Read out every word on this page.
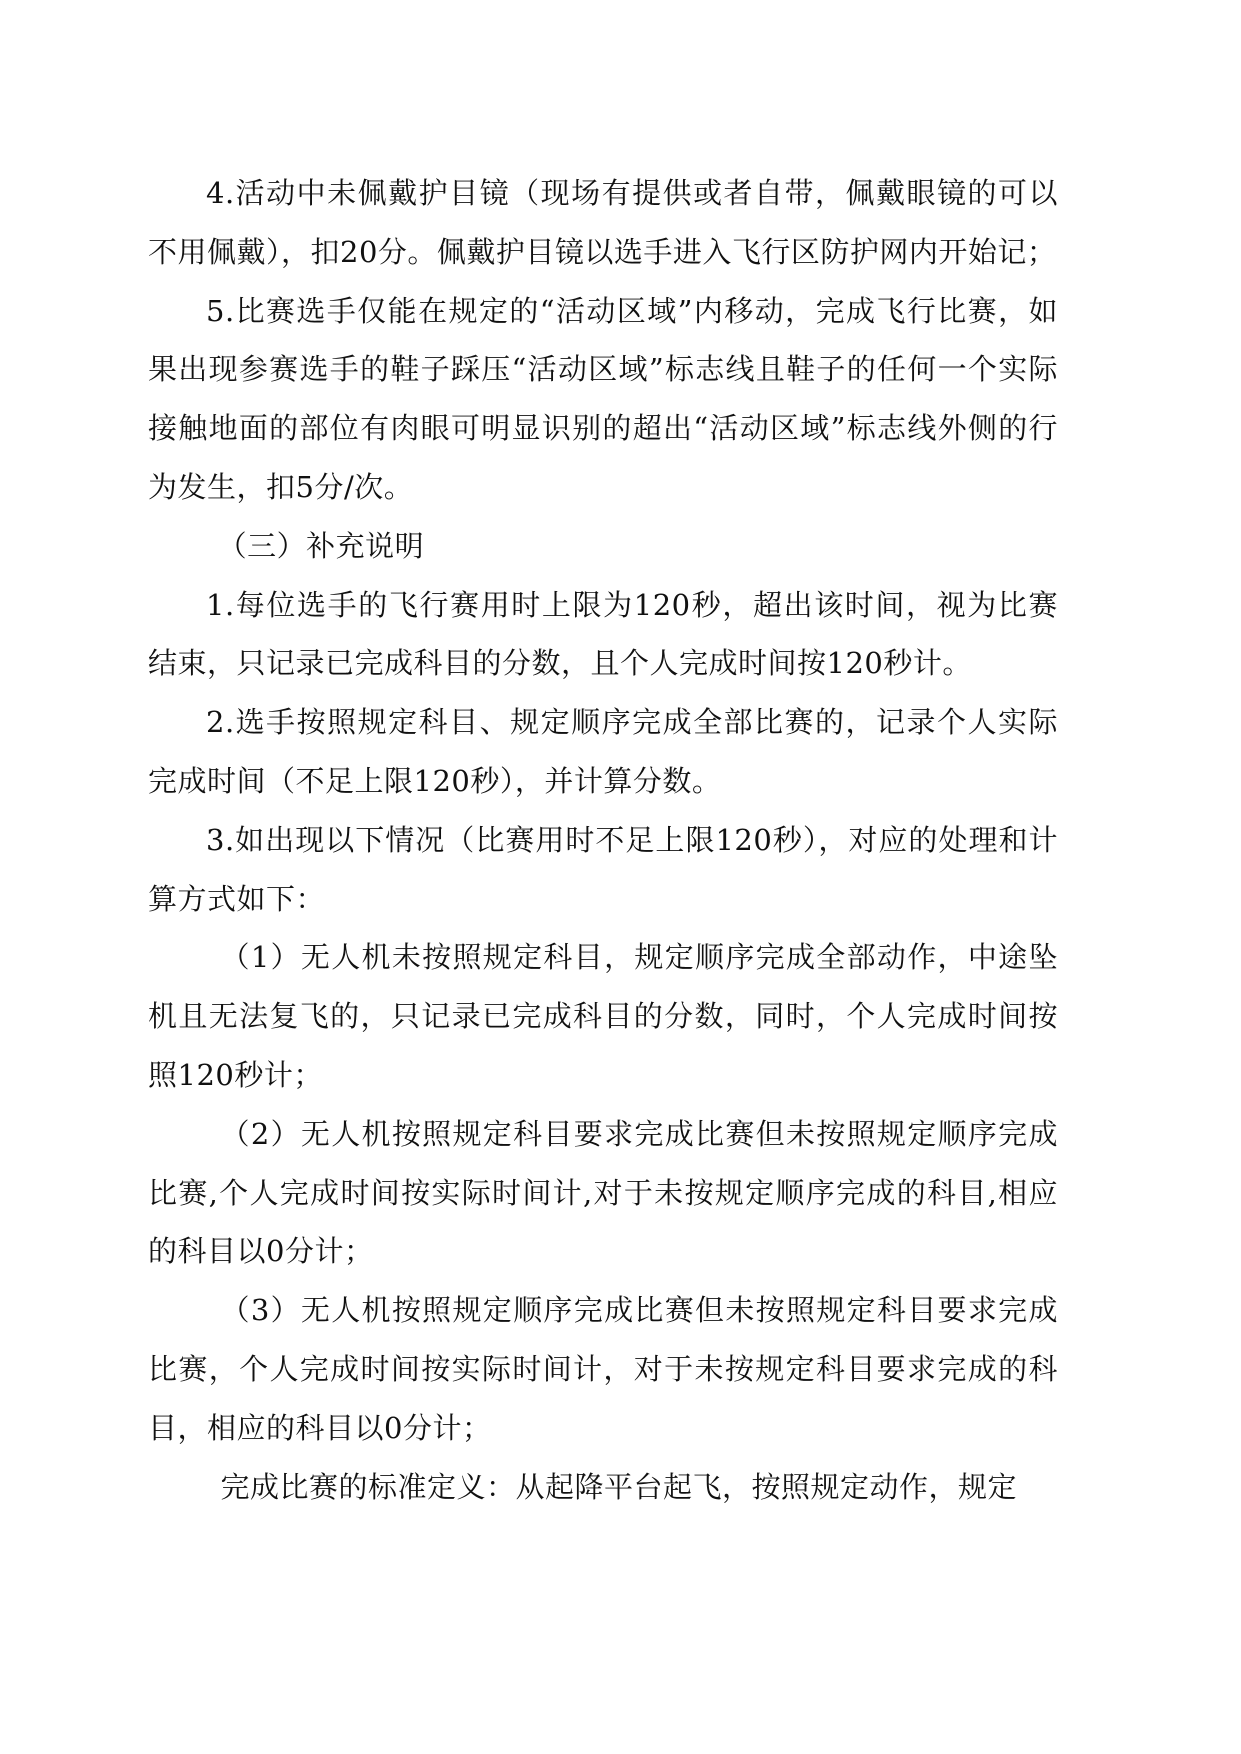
4.活动中未佩戴护目镜（现场有提供或者自带，佩戴眼镜的可以不用佩戴），扣20分。佩戴护目镜以选手进入飞行区防护网内开始记；

5.比赛选手仅能在规定的“活动区域”内移动，完成飞行比赛，如果出现参赛选手的鞋子踩压“活动区域”标志线且鞋子的任何一个实际接触地面的部位有肉眼可明显识别的超出“活动区域”标志线外侧的行为发生，扣5分/次。

（三）补充说明

1.每位选手的飞行赛用时上限为120秒，超出该时间，视为比赛结束，只记录已完成科目的分数，且个人完成时间按120秒计。

2.选手按照规定科目、规定顺序完成全部比赛的，记录个人实际完成时间（不足上限120秒），并计算分数。

3.如出现以下情况（比赛用时不足上限120秒），对应的处理和计算方式如下：

（1）无人机未按照规定科目，规定顺序完成全部动作，中途坠机且无法复飞的，只记录已完成科目的分数，同时，个人完成时间按照120秒计；

（2）无人机按照规定科目要求完成比赛但未按照规定顺序完成比赛,个人完成时间按实际时间计,对于未按规定顺序完成的科目,相应的科目以0分计；

（3）无人机按照规定顺序完成比赛但未按照规定科目要求完成比赛，个人完成时间按实际时间计，对于未按规定科目要求完成的科目，相应的科目以0分计；

完成比赛的标准定义：从起降平台起飞，按照规定动作，规定
